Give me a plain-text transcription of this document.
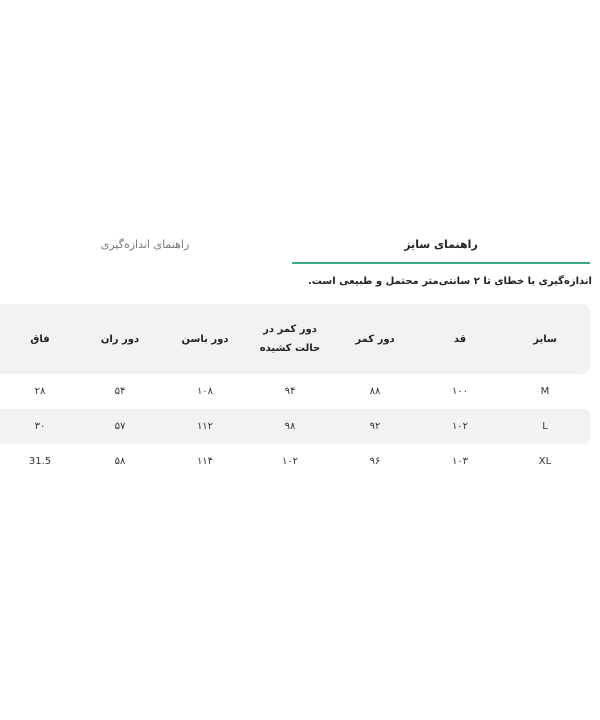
راهنمای سایز
راهنمای اندازه‌گیری
اندازه‌گیری با خطای تا ۲ سانتی‌متر محتمل و طبیعی است.
سایز
قد
دور کمر
دور کمر در حالت کشیده
دور باسن
دور ران
فاق
M
۱۰۰
۸۸
۹۴
۱۰۸
۵۴
۲۸
L
۱۰۲
۹۲
۹۸
۱۱۲
۵۷
۳۰
XL
۱۰۳
۹۶
۱۰۲
۱۱۴
۵۸
31.5
